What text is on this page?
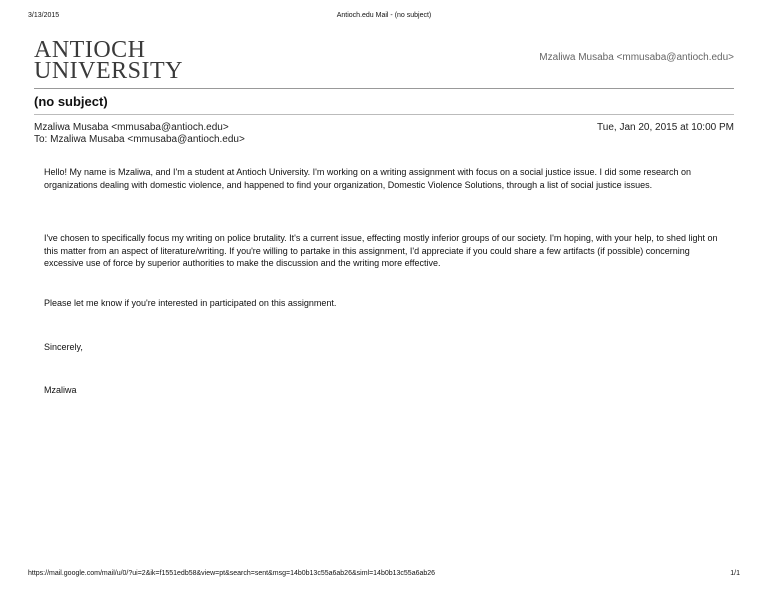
3/13/2015	Antioch.edu Mail - (no subject)
ANTIOCH
UNIVERSITY
Mzaliwa Musaba <mmusaba@antioch.edu>
(no subject)
Mzaliwa Musaba <mmusaba@antioch.edu>
To: Mzaliwa Musaba <mmusaba@antioch.edu>
Tue, Jan 20, 2015 at 10:00 PM

Hello! My name is Mzaliwa, and I'm a student at Antioch University. I'm working on a writing assignment with focus on a social justice issue. I did some research on organizations dealing with domestic violence, and happened to find your organization, Domestic Violence Solutions, through a list of social justice issues.

I've chosen to specifically focus my writing on police brutality. It's a current issue, effecting mostly inferior groups of our society. I'm hoping, with your help, to shed light on this matter from an aspect of literature/writing. If you're willing to partake in this assignment, I'd appreciate if you could share a few artifacts (if possible) concerning excessive use of force by superior authorities to make the discussion and the writing more effective.

Please let me know if you're interested in participated on this assignment.

Sincerely,

Mzaliwa

https://mail.google.com/mail/u/0/?ui=2&ik=f1551edb58&view=pt&search=sent&msg=14b0b13c55a6ab26&siml=14b0b13c55a6ab26	1/1
